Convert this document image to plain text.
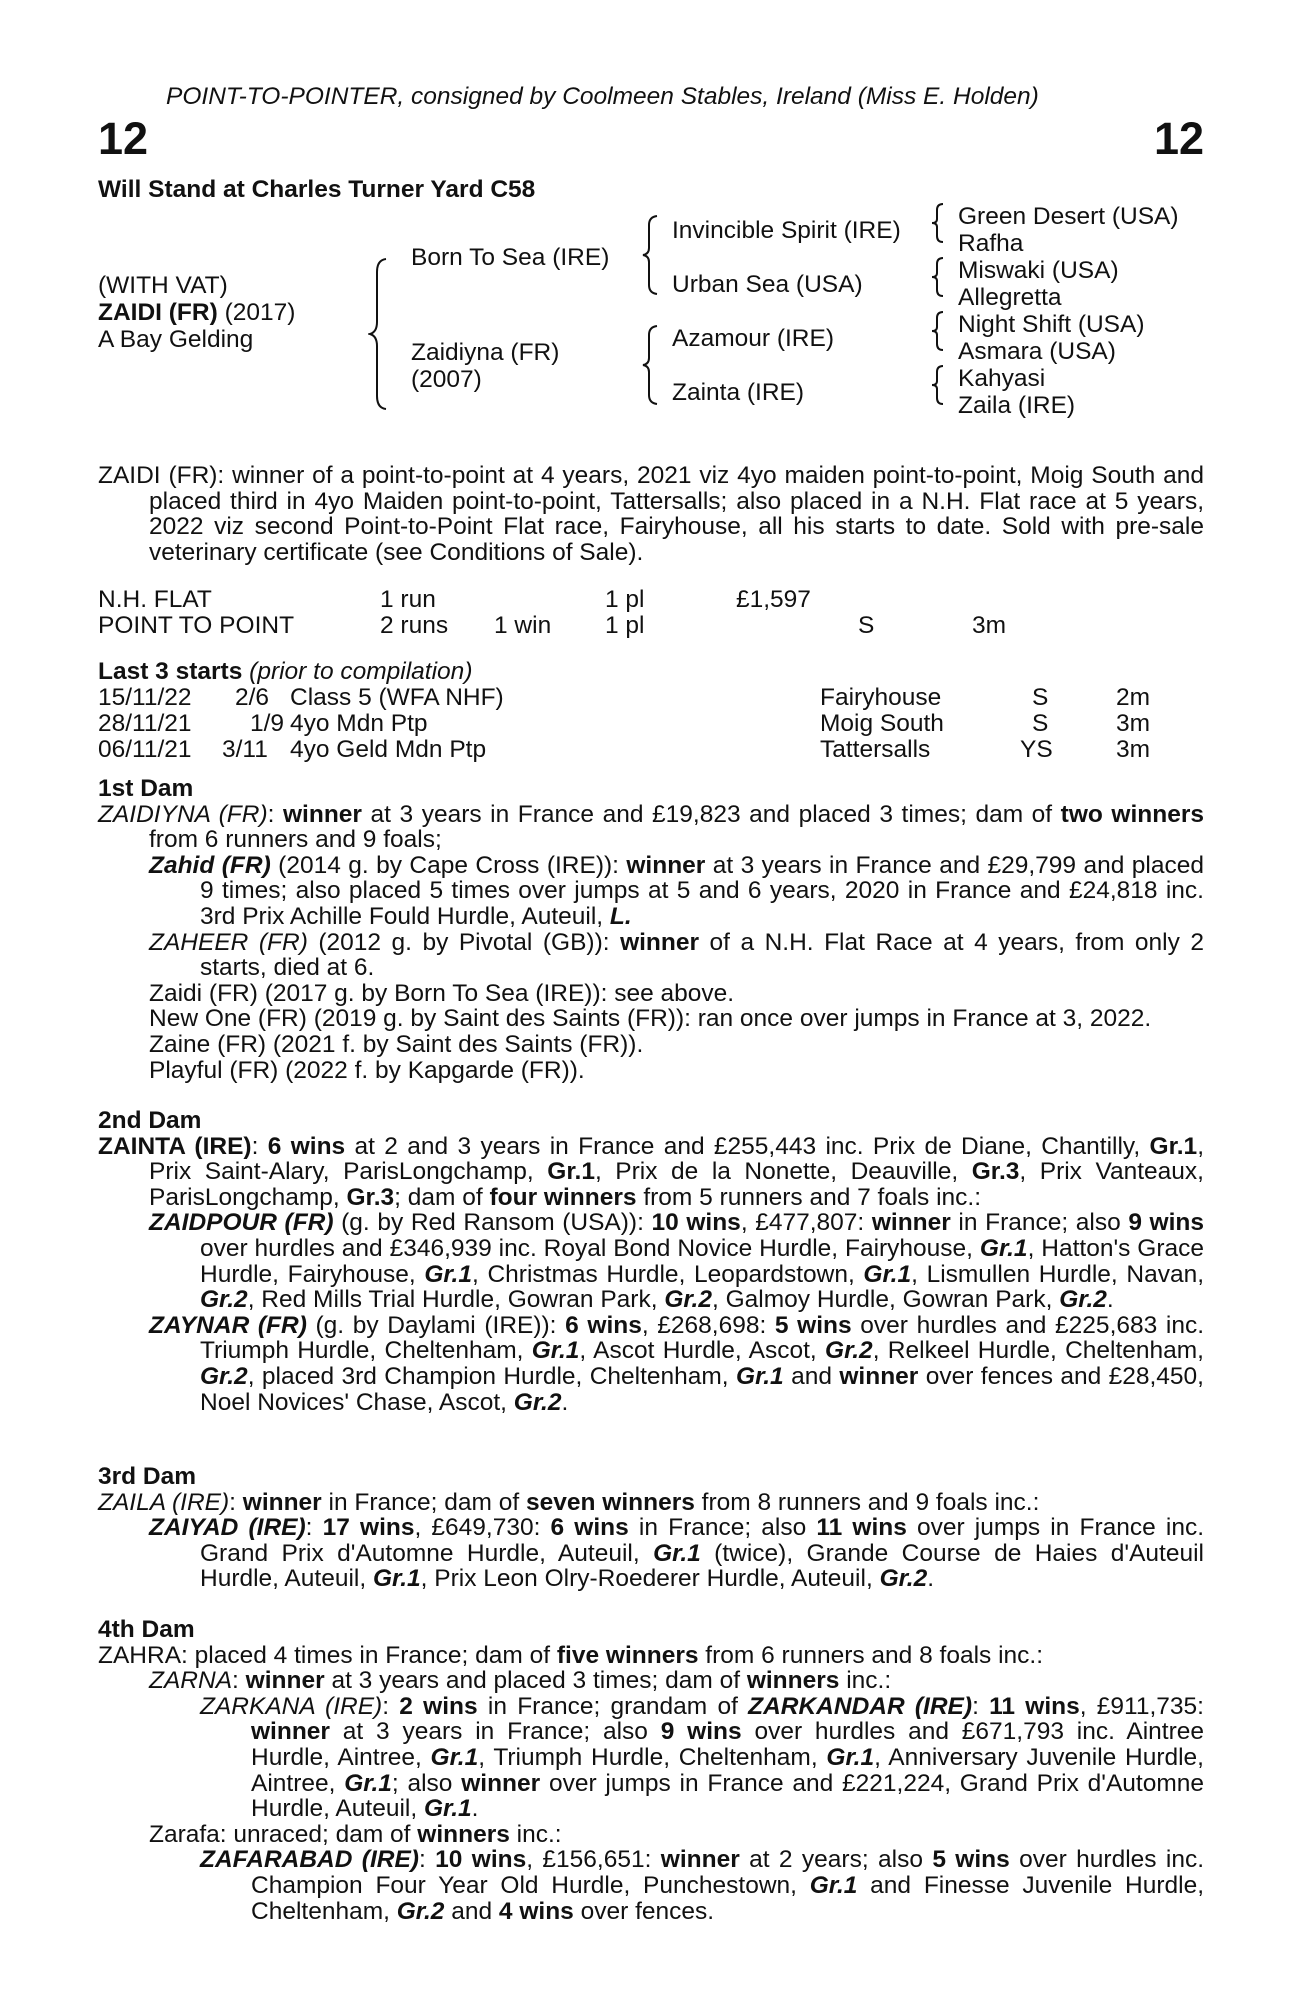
POINT-TO-POINTER, consigned by Coolmeen Stables, Ireland (Miss E. Holden)
12	12
Will Stand at Charles Turner Yard C58
(WITH VAT)
ZAIDI (FR) (2017)
A Bay Gelding
Born To Sea (IRE)
Zaidiyna (FR)
(2007)
Invincible Spirit (IRE)
Urban Sea (USA)
Azamour (IRE)
Zainta (IRE)
Green Desert (USA)
Rafha
Miswaki (USA)
Allegretta
Night Shift (USA)
Asmara (USA)
Kahyasi
Zaila (IRE)

ZAIDI (FR): winner of a point-to-point at 4 years, 2021 viz 4yo maiden point-to-point, Moig South and placed third in 4yo Maiden point-to-point, Tattersalls; also placed in a N.H. Flat race at 5 years, 2022 viz second Point-to-Point Flat race, Fairyhouse, all his starts to date. Sold with pre-sale veterinary certificate (see Conditions of Sale).

N.H. FLAT	1 run	1 pl	£1,597
POINT TO POINT	2 runs 1 win 1 pl	S	3m
Last 3 starts (prior to compilation)
15/11/22 2/6 Class 5 (WFA NHF)	Fairyhouse	S	2m
28/11/21 1/9 4yo Mdn Ptp	Moig South	S	3m
06/11/21 3/11 4yo Geld Mdn Ptp	Tattersalls	YS	3m

1st Dam

ZAIDIYNA (FR): winner at 3 years in France and £19,823 and placed 3 times; dam of two winners from 6 runners and 9 foals;

Zahid (FR) (2014 g. by Cape Cross (IRE)): winner at 3 years in France and £29,799 and placed 9 times; also placed 5 times over jumps at 5 and 6 years, 2020 in France and £24,818 inc. 3rd Prix Achille Fould Hurdle, Auteuil, L.

ZAHEER (FR) (2012 g. by Pivotal (GB)): winner of a N.H. Flat Race at 4 years, from only 2 starts, died at 6.

Zaidi (FR) (2017 g. by Born To Sea (IRE)): see above.

New One (FR) (2019 g. by Saint des Saints (FR)): ran once over jumps in France at 3, 2022.

Zaine (FR) (2021 f. by Saint des Saints (FR)).

Playful (FR) (2022 f. by Kapgarde (FR)).

2nd Dam

ZAINTA (IRE): 6 wins at 2 and 3 years in France and £255,443 inc. Prix de Diane, Chantilly, Gr.1, Prix Saint-Alary, ParisLongchamp, Gr.1, Prix de la Nonette, Deauville, Gr.3, Prix Vanteaux, ParisLongchamp, Gr.3; dam of four winners from 5 runners and 7 foals inc.:

ZAIDPOUR (FR) (g. by Red Ransom (USA)): 10 wins, £477,807: winner in France; also 9 wins over hurdles and £346,939 inc. Royal Bond Novice Hurdle, Fairyhouse, Gr.1, Hatton's Grace Hurdle, Fairyhouse, Gr.1, Christmas Hurdle, Leopardstown, Gr.1, Lismullen Hurdle, Navan, Gr.2, Red Mills Trial Hurdle, Gowran Park, Gr.2, Galmoy Hurdle, Gowran Park, Gr.2.

ZAYNAR (FR) (g. by Daylami (IRE)): 6 wins, £268,698: 5 wins over hurdles and £225,683 inc. Triumph Hurdle, Cheltenham, Gr.1, Ascot Hurdle, Ascot, Gr.2, Relkeel Hurdle, Cheltenham, Gr.2, placed 3rd Champion Hurdle, Cheltenham, Gr.1 and winner over fences and £28,450, Noel Novices' Chase, Ascot, Gr.2.

3rd Dam

ZAILA (IRE): winner in France; dam of seven winners from 8 runners and 9 foals inc.:

ZAIYAD (IRE): 17 wins, £649,730: 6 wins in France; also 11 wins over jumps in France inc. Grand Prix d'Automne Hurdle, Auteuil, Gr.1 (twice), Grande Course de Haies d'Auteuil Hurdle, Auteuil, Gr.1, Prix Leon Olry-Roederer Hurdle, Auteuil, Gr.2.

4th Dam

ZAHRA: placed 4 times in France; dam of five winners from 6 runners and 8 foals inc.:

ZARNA: winner at 3 years and placed 3 times; dam of winners inc.:

ZARKANA (IRE): 2 wins in France; grandam of ZARKANDAR (IRE): 11 wins, £911,735: winner at 3 years in France; also 9 wins over hurdles and £671,793 inc. Aintree Hurdle, Aintree, Gr.1, Triumph Hurdle, Cheltenham, Gr.1, Anniversary Juvenile Hurdle, Aintree, Gr.1; also winner over jumps in France and £221,224, Grand Prix d'Automne Hurdle, Auteuil, Gr.1.

Zarafa: unraced; dam of winners inc.:

ZAFARABAD (IRE): 10 wins, £156,651: winner at 2 years; also 5 wins over hurdles inc. Champion Four Year Old Hurdle, Punchestown, Gr.1 and Finesse Juvenile Hurdle, Cheltenham, Gr.2 and 4 wins over fences.
